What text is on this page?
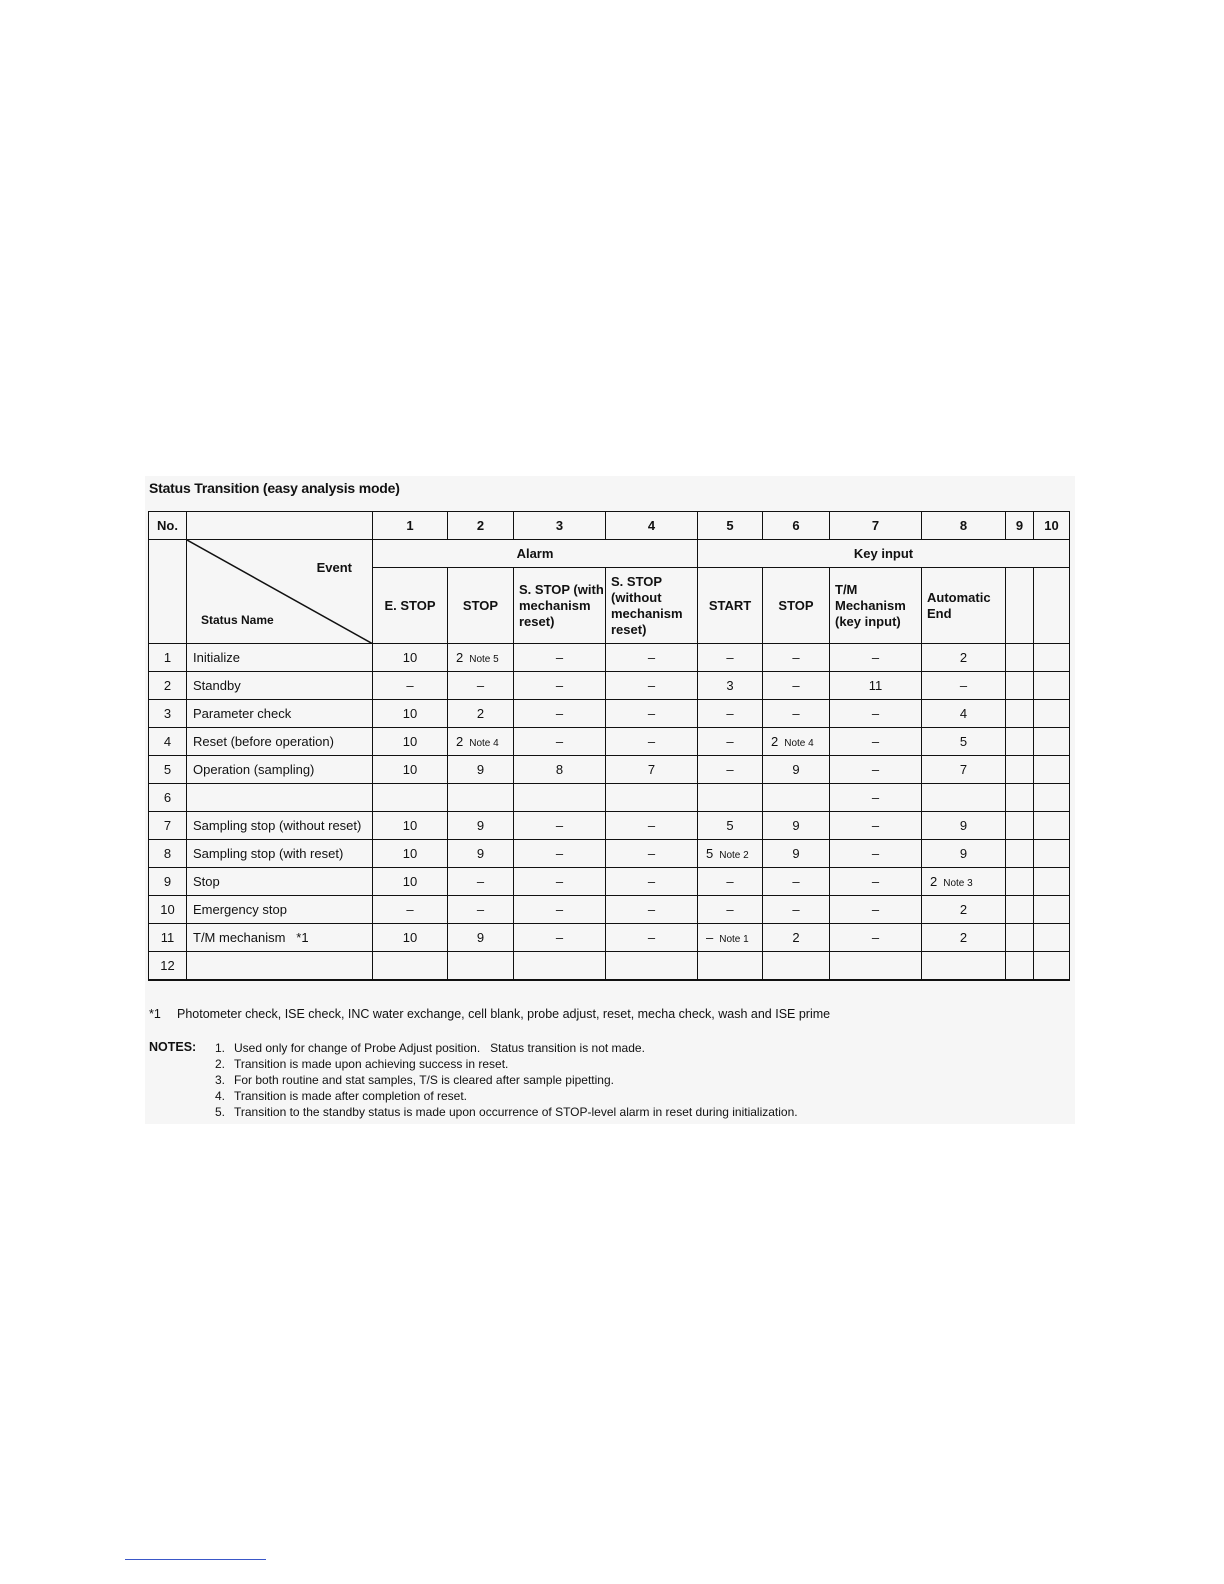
Status Transition (easy analysis mode)
No.		1	2	3	4	5	6	7	8	9	10

	Event
Status Name	Alarm				Key input					
		E. STOP	STOP	S. STOP (with mechanism reset)	S. STOP (without mechanism reset)	START	STOP	T/M Mechanism (key input)	Automatic End		
1	Initialize	10	2 Note 5	–	–	–	–	–	2		
2	Standby	–	–	–	–	3	–	11	–		
3	Parameter check	10	2	–	–	–	–	–	4		
4	Reset (before operation)	10	2 Note 4	–	–	–	2 Note 4	–	5		
5	Operation (sampling)	10	9	8	7	–	9	–	7		
6								–			
7	Sampling stop (without reset)	10	9	–	–	5	9	–	9		
8	Sampling stop (with reset)	10	9	–	–	5 Note 2	9	–	9		
9	Stop	10	–	–	–	–	–	–	2 Note 3		
10	Emergency stop	–	–	–	–	–	–	–	2		
11	T/M mechanism   *1	10	9	–	–	– Note 1	2	–	2		
12											
*1 Photometer check, ISE check, INC water exchange, cell blank, probe adjust, reset, mecha check, wash and ISE prime
NOTES: 1. Used only for change of Probe Adjust position.   Status transition is not made.
2. Transition is made upon achieving success in reset.
3. For both routine and stat samples, T/S is cleared after sample pipetting.
4. Transition is made after completion of reset.
5. Transition to the standby status is made upon occurrence of STOP-level alarm in reset during initialization.
